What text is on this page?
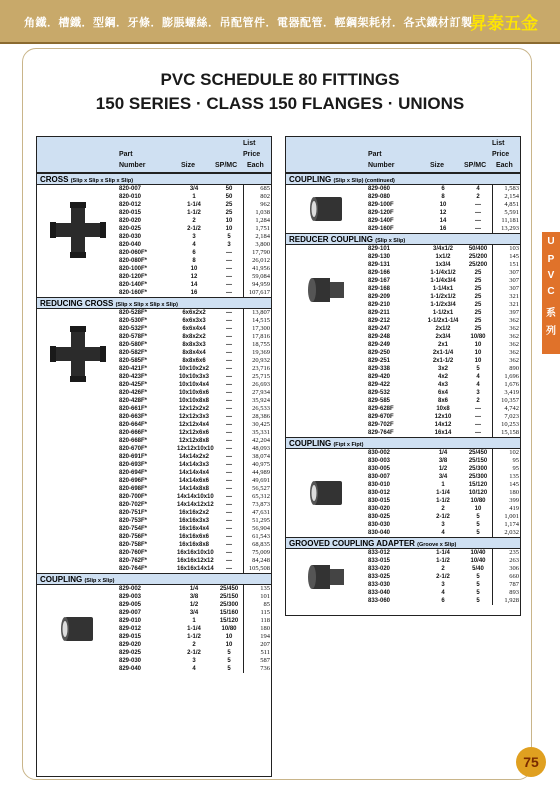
角鐵．槽鐵．型鋼．牙條．膨脹螺絲．吊配管件．電器配管．輕鋼架耗材．各式鐵材訂製
昇泰五金
PVC SCHEDULE 80 FITTINGS
150 SERIES · CLASS 150 FLANGES · UNIONS
List
Part	Price
Number	Size	SP/MC Each
CROSS (Slip x Slip x Slip x Slip)
820-007	3/4	50	685
820-010	1	50	802
820-012	1-1/4	25	962
820-015	1-1/2	25	1,038
820-020	2	10	1,284
820-025	2-1/2	10	1,751
820-030	3	5	2,184
820-040	4	3	3,800
820-060F*	6	—	17,790
820-080F*	8	—	26,012
820-100F*	10	—	41,956
820-120F*	12	—	59,084
820-140F*	14	—	94,959
820-160F*	16	—	107,617
REDUCING CROSS (Slip x Slip x Slip x Slip)
820-528F*	6x6x2x2	—	13,807
820-530F*	6x6x3x3	—	14,515
820-532F*	6x6x4x4	—	17,300
820-578F*	8x8x2x2	—	17,816
820-580F*	8x8x3x3	—	18,755
820-582F*	8x8x4x4	—	19,369
820-585F*	8x8x6x6	—	20,932
820-421F*	10x10x2x2	—	23,716
820-423F*	10x10x3x3	—	25,715
820-425F*	10x10x4x4	—	26,693
820-426F*	10x10x6x6	—	27,934
820-428F*	10x10x8x8	—	35,924
820-661F*	12x12x2x2	—	26,533
820-663F*	12x12x3x3	—	28,386
820-664F*	12x12x4x4	—	30,425
820-666F*	12x12x6x6	—	35,331
820-668F*	12x12x8x8	—	42,204
820-670F*	12x12x10x10	—	48,093
820-691F*	14x14x2x2	—	38,074
820-693F*	14x14x3x3	—	40,975
820-694F*	14x14x4x4	—	44,989
820-696F*	14x14x6x6	—	49,691
820-698F*	14x14x8x8	—	56,527
820-700F*	14x14x10x10	—	65,312
820-702F*	14x14x12x12	—	73,873
820-751F*	16x16x2x2	—	47,631
820-753F*	16x16x3x3	—	51,295
820-754F*	16x16x4x4	—	56,904
820-756F*	16x16x6x6	—	61,543
820-758F*	16x16x8x8	—	68,835
820-760F*	16x16x10x10	—	75,009
820-762F*	16x16x12x12	—	84,248
820-764F*	16x16x14x14	—	105,508
COUPLING (Slip x Slip)
829-002	1/4	25/450	135
829-003	3/8	25/150	101
829-005	1/2	25/300	85
829-007	3/4	15/160	115
829-010	1	15/120	118
829-012	1-1/4	10/80	180
829-015	1-1/2	10	194
829-020	2	10	207
829-025	2-1/2	5	511
829-030	3	5	587
829-040	4	5	736
List
Part	Price
Number	Size	SP/MC Each
COUPLING (Slip x Slip) (continued)
829-060	6	4	1,583
829-080	8	2	2,154
829-100F	10	—	4,851
829-120F	12	—	5,591
829-140F	14	—	11,181
829-160F	16	—	13,293
REDUCER COUPLING (Slip x Slip)
829-101	3/4x1/2	50/400	103
829-130	1x1/2	25/200	145
829-131	1x3/4	25/200	151
829-166	1-1/4x1/2	25	307
829-167	1-1/4x3/4	25	307
829-168	1-1/4x1	25	307
829-209	1-1/2x1/2	25	321
829-210	1-1/2x3/4	25	321
829-211	1-1/2x1	25	397
829-212	1-1/2x1-1/4	25	362
829-247	2x1/2	25	362
829-248	2x3/4	10/80	362
829-249	2x1	10	362
829-250	2x1-1/4	10	362
829-251	2x1-1/2	10	362
829-338	3x2	5	890
829-420	4x2	4	1,696
829-422	4x3	4	1,676
829-532	6x4	3	3,419
829-585	8x6	2	10,357
829-628F	10x8	—	4,742
829-670F	12x10	—	7,023
829-702F	14x12	—	10,253
829-764F	16x14	—	15,158
COUPLING (Fipt x Fipt)
830-002	1/4	25/450	102
830-003	3/8	25/150	95
830-005	1/2	25/300	95
830-007	3/4	25/300	135
830-010	1	15/120	145
830-012	1-1/4	10/120	180
830-015	1-1/2	10/80	399
830-020	2	10	419
830-025	2-1/2	5	1,001
830-030	3	5	1,174
830-040	4	5	2,032
GROOVED COUPLING ADAPTER (Groove x Slip)
833-012	1-1/4	10/40	235
833-015	1-1/2	10/40	263
833-020	2	5/40	306
833-025	2-1/2	5	660
833-030	3	5	787
833-040	4	5	893
833-060	6	5	1,928
U
P
V
C
系
列
75
